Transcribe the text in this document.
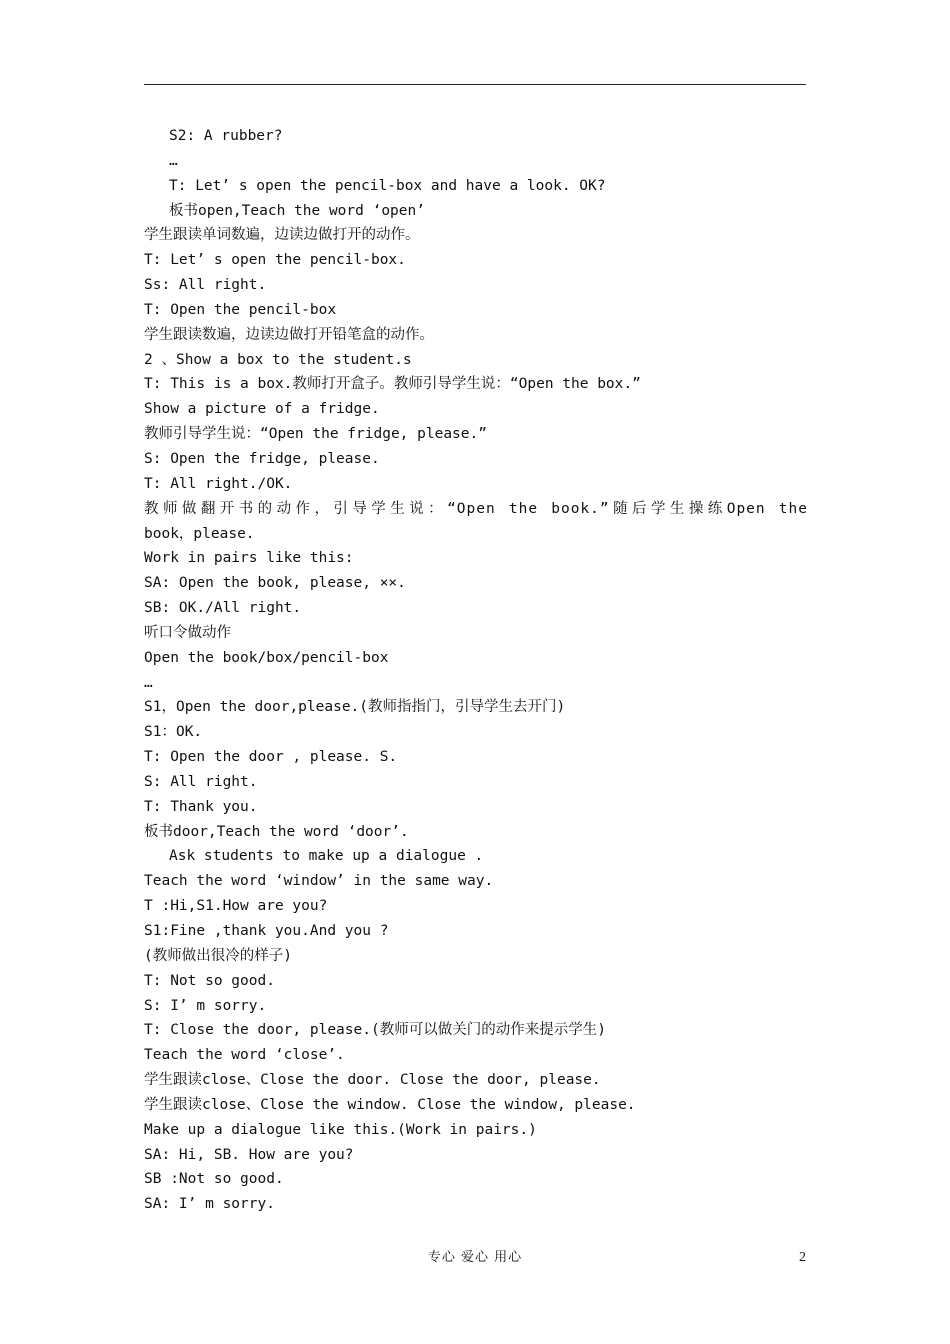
S2: A rubber?
…
T: Let’ s open the pencil-box and have a look. OK?
板书open,Teach the word ‘open’
学生跟读单词数遍，边读边做打开的动作。
T: Let’ s open the pencil-box.
Ss: All right.
T: Open the pencil-box
学生跟读数遍，边读边做打开铅笔盒的动作。
2 、Show a box to the student.s
T: This is a box.教师打开盒子。教师引导学生说：“Open the box.”
Show a picture of a fridge.
教师引导学生说：“Open the fridge, please.”
S: Open the fridge, please.
T: All right./OK.
教师做翻开书的动作，引导学生说：“Open the book.”随后学生操练Open the
book，please.
Work in pairs like this:
SA: Open the book, please, ××.
SB: OK./All right.
听口令做动作
Open the book/box/pencil-box
…
S1，Open the door,please.(教师指指门，引导学生去开门)
S1：OK.
T: Open the door , please. S.
S: All right.
T: Thank you.
板书door,Teach the word ‘door’.
Ask students to make up a dialogue .
Teach the word ‘window’ in the same way.
T :Hi,S1.How are you?
S1:Fine ,thank you.And you ?
(教师做出很冷的样子)
T: Not so good.
S: I’ m sorry.
T: Close the door, please.(教师可以做关门的动作来提示学生)
Teach the word ‘close’.
学生跟读close、Close the door. Close the door, please.
学生跟读close、Close the window. Close the window, please.
Make up a dialogue like this.(Work in pairs.)
SA: Hi, SB. How are you?
SB :Not so good.
SA: I’ m sorry.
专心 爱心 用心	2
